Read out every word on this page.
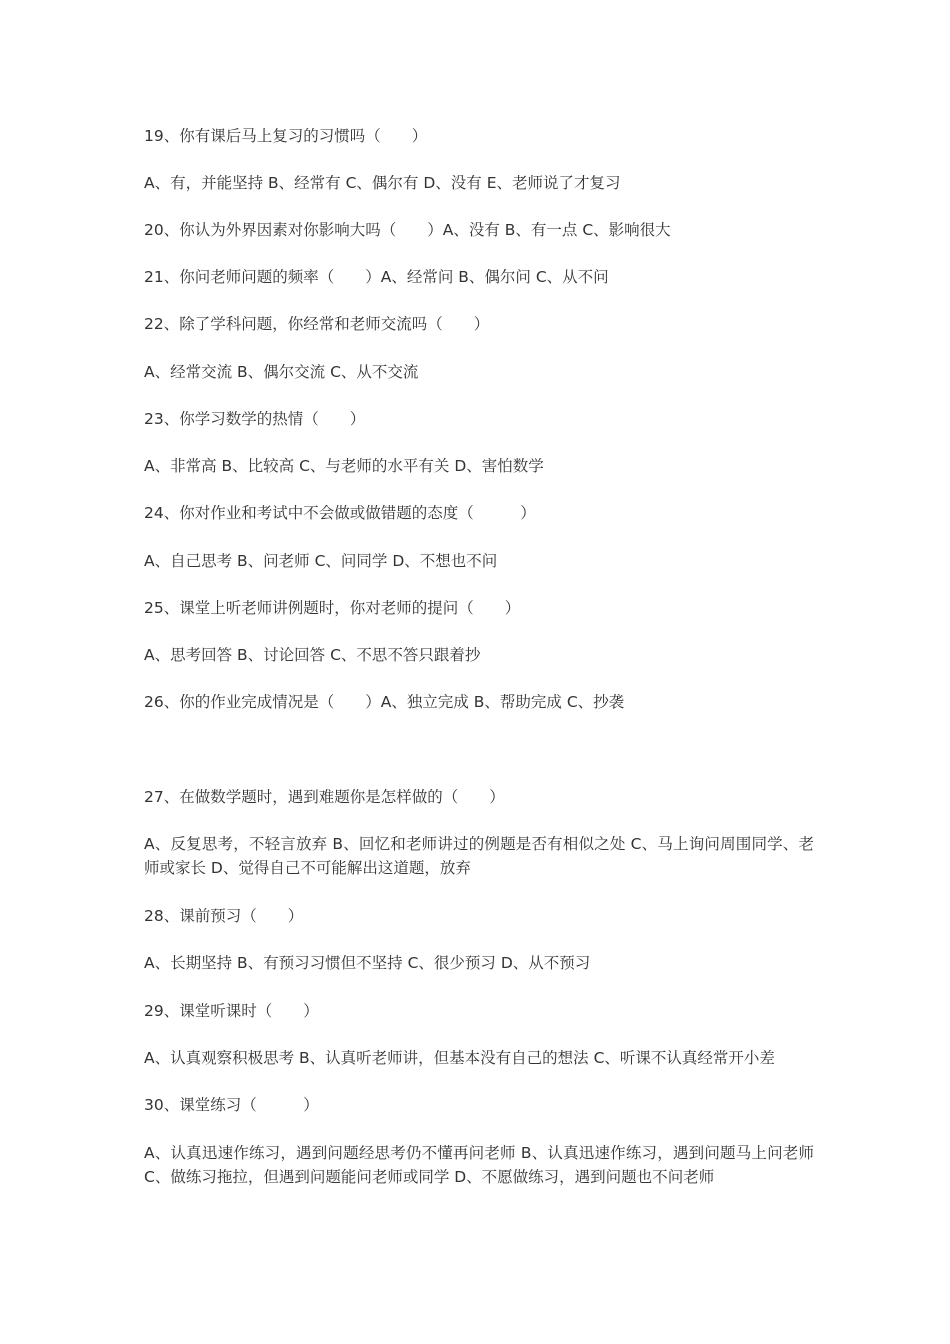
19、你有课后马上复习的习惯吗（　　）
A、有，并能坚持 B、经常有 C、偶尔有 D、没有 E、老师说了才复习
20、你认为外界因素对你影响大吗（　　）A、没有 B、有一点 C、影响很大
21、你问老师问题的频率（　　）A、经常问 B、偶尔问 C、从不问
22、除了学科问题，你经常和老师交流吗（　　）
A、经常交流 B、偶尔交流 C、从不交流
23、你学习数学的热情（　　）
A、非常高 B、比较高 C、与老师的水平有关 D、害怕数学
24、你对作业和考试中不会做或做错题的态度（　　　）
A、自己思考 B、问老师 C、问同学 D、不想也不问
25、课堂上听老师讲例题时，你对老师的提问（　　）
A、思考回答 B、讨论回答 C、不思不答只跟着抄
26、你的作业完成情况是（　　）A、独立完成 B、帮助完成 C、抄袭
27、在做数学题时，遇到难题你是怎样做的（　　）
A、反复思考，不轻言放弃 B、回忆和老师讲过的例题是否有相似之处 C、马上询问周围同学、老师或家长 D、觉得自己不可能解出这道题，放弃
28、课前预习（　　）
A、长期坚持 B、有预习习惯但不坚持 C、很少预习 D、从不预习
29、课堂听课时（　　）
A、认真观察积极思考 B、认真听老师讲，但基本没有自己的想法 C、听课不认真经常开小差
30、课堂练习（　　　）
A、认真迅速作练习，遇到问题经思考仍不懂再问老师 B、认真迅速作练习，遇到问题马上问老师 C、做练习拖拉，但遇到问题能问老师或同学 D、不愿做练习，遇到问题也不问老师
